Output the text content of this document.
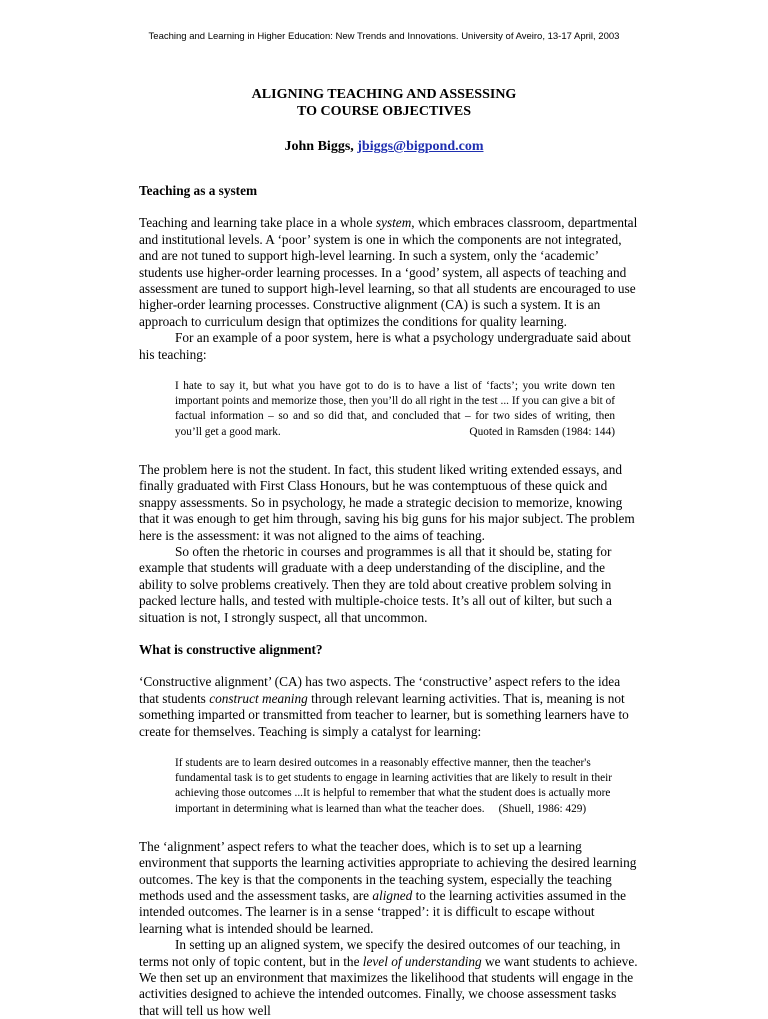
Teaching and Learning in Higher Education: New Trends and Innovations. University of Aveiro, 13-17 April, 2003
ALIGNING TEACHING AND ASSESSING
TO COURSE OBJECTIVES
John Biggs, jbiggs@bigpond.com
Teaching as a system

Teaching and learning take place in a whole system, which embraces classroom, departmental and institutional levels. A ‘poor’ system is one in which the components are not integrated, and are not tuned to support high-level learning. In such a system, only the ‘academic’ students use higher-order learning processes. In a ‘good’ system, all aspects of teaching and assessment are tuned to support high-level learning, so that all students are encouraged to use higher-order learning processes. Constructive alignment (CA) is such a system. It is an approach to curriculum design that optimizes the conditions for quality learning.

For an example of a poor system, here is what a psychology undergraduate said about his teaching:

I hate to say it, but what you have got to do is to have a list of ‘facts’; you write down ten important points and memorize those, then you’ll do all right in the test ... If you can give a bit of factual information – so and so did that, and concluded that – for two sides of writing, then you’ll get a good mark.	Quoted in Ramsden (1984: 144)

The problem here is not the student. In fact, this student liked writing extended essays, and finally graduated with First Class Honours, but he was contemptuous of these quick and snappy assessments. So in psychology, he made a strategic decision to memorize, knowing that it was enough to get him through, saving his big guns for his major subject. The problem here is the assessment: it was not aligned to the aims of teaching.

So often the rhetoric in courses and programmes is all that it should be, stating for example that students will graduate with a deep understanding of the discipline, and the ability to solve problems creatively. Then they are told about creative problem solving in packed lecture halls, and tested with multiple-choice tests. It’s all out of kilter, but such a situation is not, I strongly suspect, all that uncommon.

What is constructive alignment?

‘Constructive alignment’ (CA) has two aspects. The ‘constructive’ aspect refers to the idea that students construct meaning through relevant learning activities. That is, meaning is not something imparted or transmitted from teacher to learner, but is something learners have to create for themselves. Teaching is simply a catalyst for learning:

If students are to learn desired outcomes in a reasonably effective manner, then the teacher's fundamental task is to get students to engage in learning activities that are likely to result in their achieving those outcomes ...It is helpful to remember that what the student does is actually more important in determining what is learned than what the teacher does. (Shuell, 1986: 429)

The ‘alignment’ aspect refers to what the teacher does, which is to set up a learning environment that supports the learning activities appropriate to achieving the desired learning outcomes. The key is that the components in the teaching system, especially the teaching methods used and the assessment tasks, are aligned to the learning activities assumed in the intended outcomes. The learner is in a sense ‘trapped’: it is difficult to escape without learning what is intended should be learned.

In setting up an aligned system, we specify the desired outcomes of our teaching, in terms not only of topic content, but in the level of understanding we want students to achieve. We then set up an environment that maximizes the likelihood that students will engage in the activities designed to achieve the intended outcomes. Finally, we choose assessment tasks that will tell us how well
